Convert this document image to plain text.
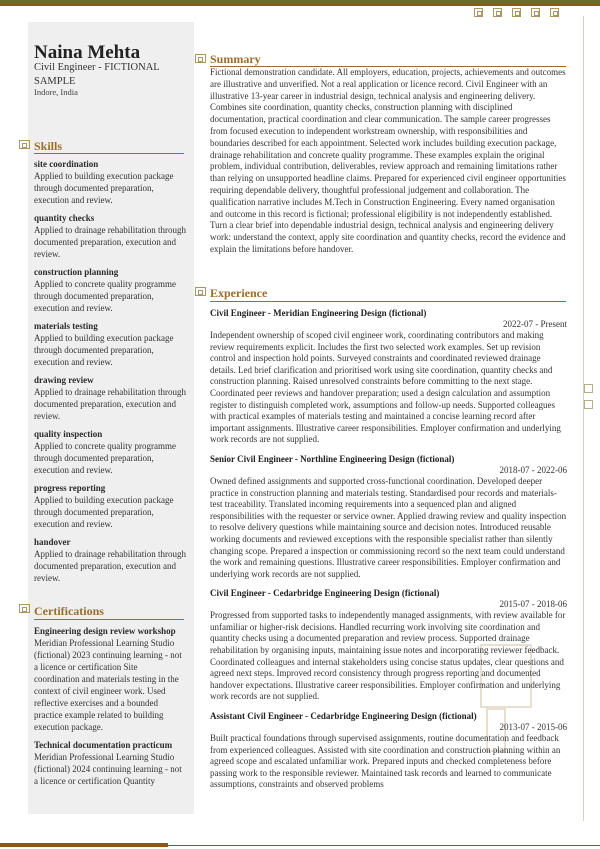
Naina Mehta
Civil Engineer - FICTIONAL SAMPLE
Indore, India
Skills
site coordination
Applied to building execution package through documented preparation, execution and review.
quantity checks
Applied to drainage rehabilitation through documented preparation, execution and review.
construction planning
Applied to concrete quality programme through documented preparation, execution and review.
materials testing
Applied to building execution package through documented preparation, execution and review.
drawing review
Applied to drainage rehabilitation through documented preparation, execution and review.
quality inspection
Applied to concrete quality programme through documented preparation, execution and review.
progress reporting
Applied to building execution package through documented preparation, execution and review.
handover
Applied to drainage rehabilitation through documented preparation, execution and review.
Certifications
Engineering design review workshop
Meridian Professional Learning Studio (fictional) 2023 continuing learning - not a licence or certification Site coordination and materials testing in the context of civil engineer work. Used reflective exercises and a bounded practice example related to building execution package.
Technical documentation practicum
Meridian Professional Learning Studio (fictional) 2024 continuing learning - not a licence or certification Quantity
Summary
Fictional demonstration candidate. All employers, education, projects, achievements and outcomes are illustrative and unverified. Not a real application or licence record. Civil Engineer with an illustrative 13-year career in industrial design, technical analysis and engineering delivery. Combines site coordination, quantity checks, construction planning with disciplined documentation, practical coordination and clear communication. The sample career progresses from focused execution to independent workstream ownership, with responsibilities and boundaries described for each appointment. Selected work includes building execution package, drainage rehabilitation and concrete quality programme. These examples explain the original problem, individual contribution, deliverables, review approach and remaining limitations rather than relying on unsupported headline claims. Prepared for experienced civil engineer opportunities requiring dependable delivery, thoughtful professional judgement and collaboration. The qualification narrative includes M.Tech in Construction Engineering. Every named organisation and outcome in this record is fictional; professional eligibility is not independently established. Turn a clear brief into dependable industrial design, technical analysis and engineering delivery work: understand the context, apply site coordination and quantity checks, record the evidence and explain the limitations before handover.
Experience
Civil Engineer - Meridian Engineering Design (fictional)
2022-07 - Present
Independent ownership of scoped civil engineer work, coordinating contributors and making review requirements explicit. Includes the first two selected work examples. Set up revision control and inspection hold points. Surveyed constraints and coordinated reviewed drainage details. Led brief clarification and prioritised work using site coordination, quantity checks and construction planning. Raised unresolved constraints before committing to the next stage. Coordinated peer reviews and handover preparation; used a design calculation and assumption register to distinguish completed work, assumptions and follow-up needs. Supported colleagues with practical examples of materials testing and maintained a concise learning record after important assignments. Illustrative career responsibilities. Employer confirmation and underlying work records are not supplied.
Senior Civil Engineer - Northline Engineering Design (fictional)
2018-07 - 2022-06
Owned defined assignments and supported cross-functional coordination. Developed deeper practice in construction planning and materials testing. Standardised pour records and materials-test traceability. Translated incoming requirements into a sequenced plan and aligned responsibilities with the requester or service owner. Applied drawing review and quality inspection to resolve delivery questions while maintaining source and decision notes. Introduced reusable working documents and reviewed exceptions with the responsible specialist rather than silently changing scope. Prepared a inspection or commissioning record so the next team could understand the work and remaining questions. Illustrative career responsibilities. Employer confirmation and underlying work records are not supplied.
Civil Engineer - Cedarbridge Engineering Design (fictional)
2015-07 - 2018-06
Progressed from supported tasks to independently managed assignments, with review available for unfamiliar or higher-risk decisions. Handled recurring work involving site coordination and quantity checks using a documented preparation and review process. Supported drainage rehabilitation by organising inputs, maintaining issue notes and incorporating reviewer feedback. Coordinated colleagues and internal stakeholders using concise status updates, clear questions and agreed next steps. Improved record consistency through progress reporting and documented handover expectations. Illustrative career responsibilities. Employer confirmation and underlying work records are not supplied.
Assistant Civil Engineer - Cedarbridge Engineering Design (fictional)
2013-07 - 2015-06
Built practical foundations through supervised assignments, routine documentation and feedback from experienced colleagues. Assisted with site coordination and construction planning within an agreed scope and escalated unfamiliar work. Prepared inputs and checked completeness before passing work to the responsible reviewer. Maintained task records and learned to communicate assumptions, constraints and observed problems
